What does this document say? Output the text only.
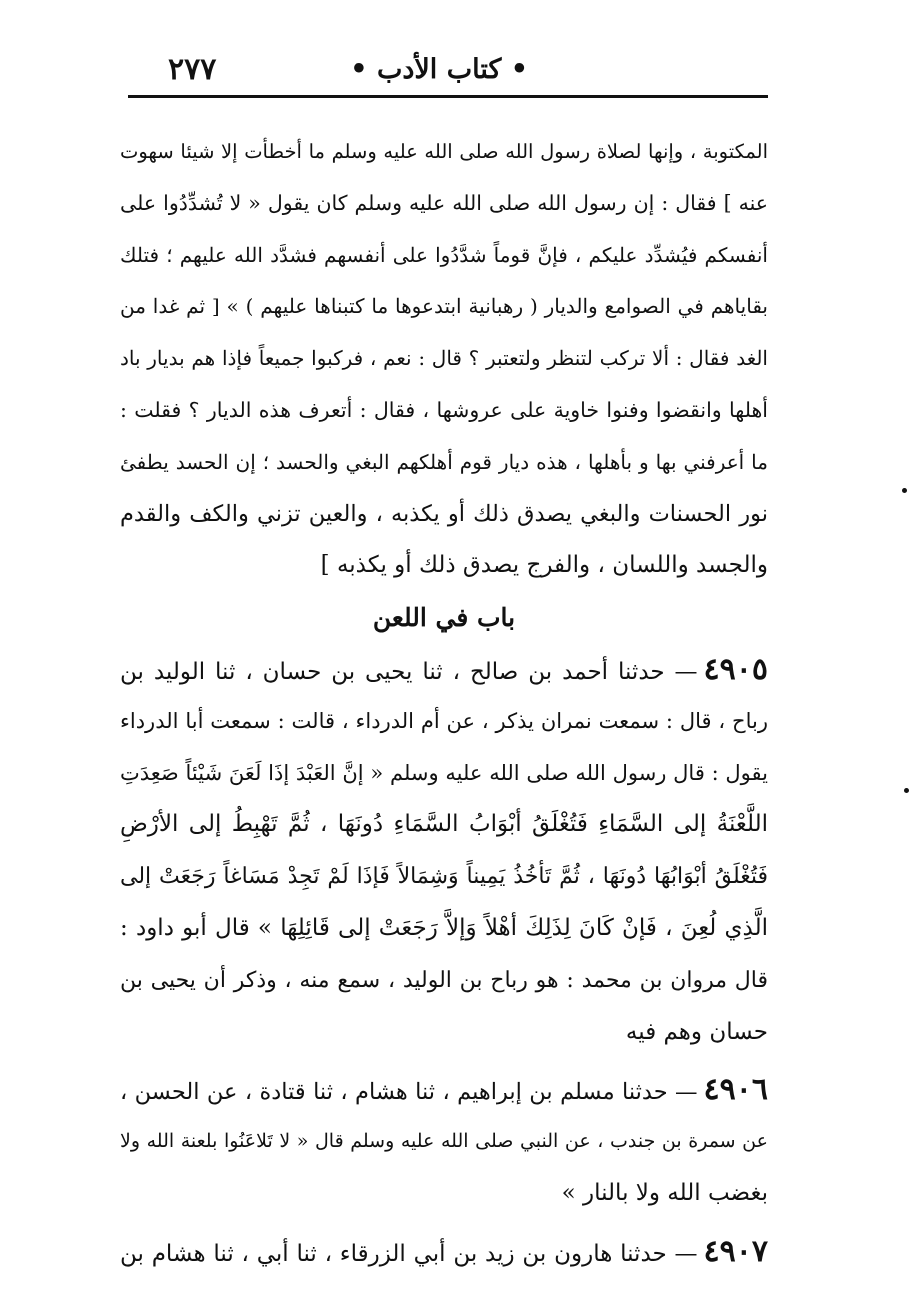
• كتاب الأدب •
٢٧٧
المكتوبة ، وإنها لصلاة رسول الله صلى الله عليه وسلم ما أخطأت إلا شيئا سهوت
عنه ] فقال : إن رسول الله صلى الله عليه وسلم كان يقول « لا تُشدِّدُوا على
أنفسكم فيُشدِّد عليكم ، فإنَّ قوماً شدَّدُوا على أنفسهم فشدَّد الله عليهم ؛ فتلك
بقاياهم في الصوامع والديار ( رهبانية ابتدعوها ما كتبناها عليهم ) » [ ثم غدا من
الغد فقال : ألا تركب لتنظر ولتعتبر ؟ قال : نعم ، فركبوا جميعاً فإذا هم بديار باد
أهلها وانقضوا وفنوا خاوية على عروشها ، فقال : أتعرف هذه الديار ؟ فقلت :
ما أعرفني بها و بأهلها ، هذه ديار قوم أهلكهم البغي والحسد ؛ إن الحسد يطفئ
نور الحسنات والبغي يصدق ذلك أو يكذبه ، والعين تزني والكف والقدم
والجسد واللسان ، والفرج يصدق ذلك أو يكذبه ]
باب في اللعن
٤٩٠٥— حدثنا أحمد بن صالح ، ثنا يحيى بن حسان ، ثنا الوليد بن
رباح ، قال : سمعت نمران يذكر ، عن أم الدرداء ، قالت : سمعت أبا الدرداء
يقول : قال رسول الله صلى الله عليه وسلم « إنَّ العَبْدَ إذَا لَعَنَ شَيْئاً صَعِدَتِ
اللَّعْنَةُ إلى السَّمَاءِ فَتُغْلَقُ أبْوَابُ السَّمَاءِ دُونَهَا ، ثُمَّ تَهْبِطُ إلى الأرْضِ
فَتُغْلَقُ أبْوَابُهَا دُونَهَا ، ثُمَّ تَأخُذُ يَمِيناً وَشِمَالاً فَإذَا لَمْ تَجِدْ مَسَاغاً رَجَعَتْ إلى
الَّذِي لُعِنَ ، فَإنْ كَانَ لِذَلِكَ أهْلاً وَإلاَّ رَجَعَتْ إلى قَائِلِهَا » قال أبو داود :
قال مروان بن محمد : هو رباح بن الوليد ، سمع منه ، وذكر أن يحيى بن
حسان وهم فيه
٤٩٠٦— حدثنا مسلم بن إبراهيم ، ثنا هشام ، ثنا قتادة ، عن الحسن ،
عن سمرة بن جندب ، عن النبي صلى الله عليه وسلم قال « لا تَلاعَنُوا بلعنة الله ولا
بغضب الله ولا بالنار »
٤٩٠٧— حدثنا هارون بن زيد بن أبي الزرقاء ، ثنا أبي ، ثنا هشام بن
